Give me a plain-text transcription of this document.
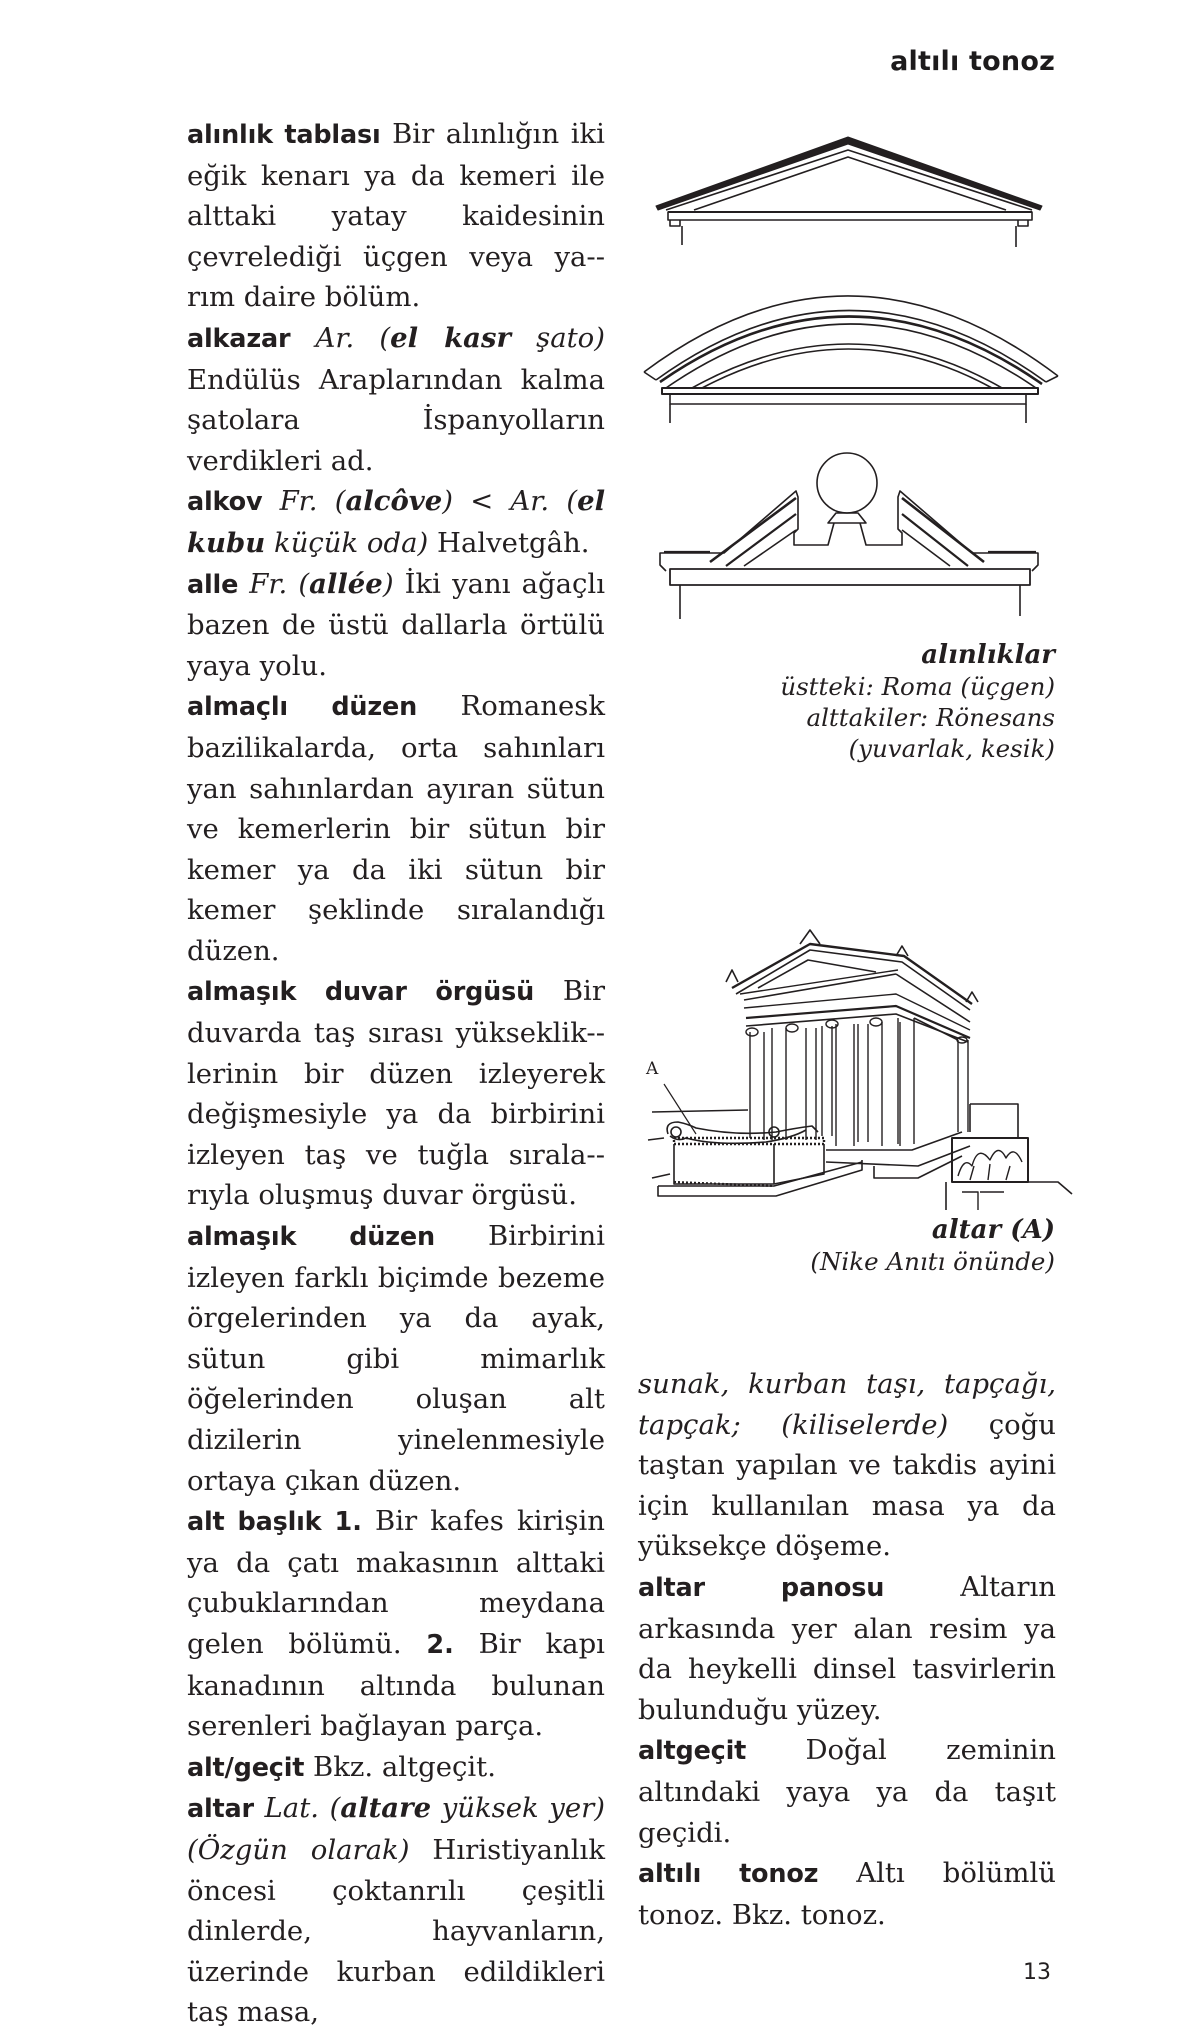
altılı tonoz

alınlık tablası Bir alınlığın iki eğik kenarı ya da kemeri ile alttaki yatay kaidesinin çevrelediği üçgen veya ya-rım daire bölüm.

alkazar Ar. (el kasr şato) Endülüs Araplarından kalma şatolara İspanyolların verdikleri ad.

alkov Fr. (alcôve) < Ar. (el kubu küçük oda) Halvetgâh.

alle Fr. (allée) İki yanı ağaçlı bazen de üstü dallarla örtülü yaya yolu.

almaçlı düzen Romanesk bazilikalarda, orta sahınları yan sahınlardan ayıran sütun ve kemerlerin bir sütun bir kemer ya da iki sütun bir kemer şeklinde sıralandığı düzen.

almaşık duvar örgüsü Bir duvarda taş sırası yükseklik-lerinin bir düzen izleyerek değişmesiyle ya da birbirini izleyen taş ve tuğla sırala-rıyla oluşmuş duvar örgüsü.

almaşık düzen Birbirini izleyen farklı biçimde bezeme örgelerinden ya da ayak, sütun gibi mimarlık öğelerinden oluşan alt dizilerin yinelenmesiyle ortaya çıkan düzen.

alt başlık 1. Bir kafes kirişin ya da çatı makasının alttaki çubuklarından meydana gelen bölümü. 2. Bir kapı kanadının altında bulunan serenleri bağlayan parça.

alt/geçit Bkz. altgeçit.

altar Lat. (altare yüksek yer) (Özgün olarak) Hıristiyanlık öncesi çoktanrılı çeşitli dinlerde, hayvanların, üzerinde kurban edildikleri taş masa,

alınlıklar
üstteki: Roma (üçgen)
alttakiler: Rönesans
(yuvarlak, kesik)
A
altar (A)
(Nike Anıtı önünde)

sunak, kurban taşı, tapçağı, tapçak; (kiliselerde) çoğu taştan yapılan ve takdis ayini için kullanılan masa ya da yüksekçe döşeme.

altar panosu	Altarın arkasında yer alan resim ya da heykelli dinsel tasvirlerin bulunduğu yüzey.

altgeçit Doğal zeminin altındaki yaya ya da taşıt geçidi.

altılı tonoz Altı bölümlü tonoz. Bkz. tonoz.

13
